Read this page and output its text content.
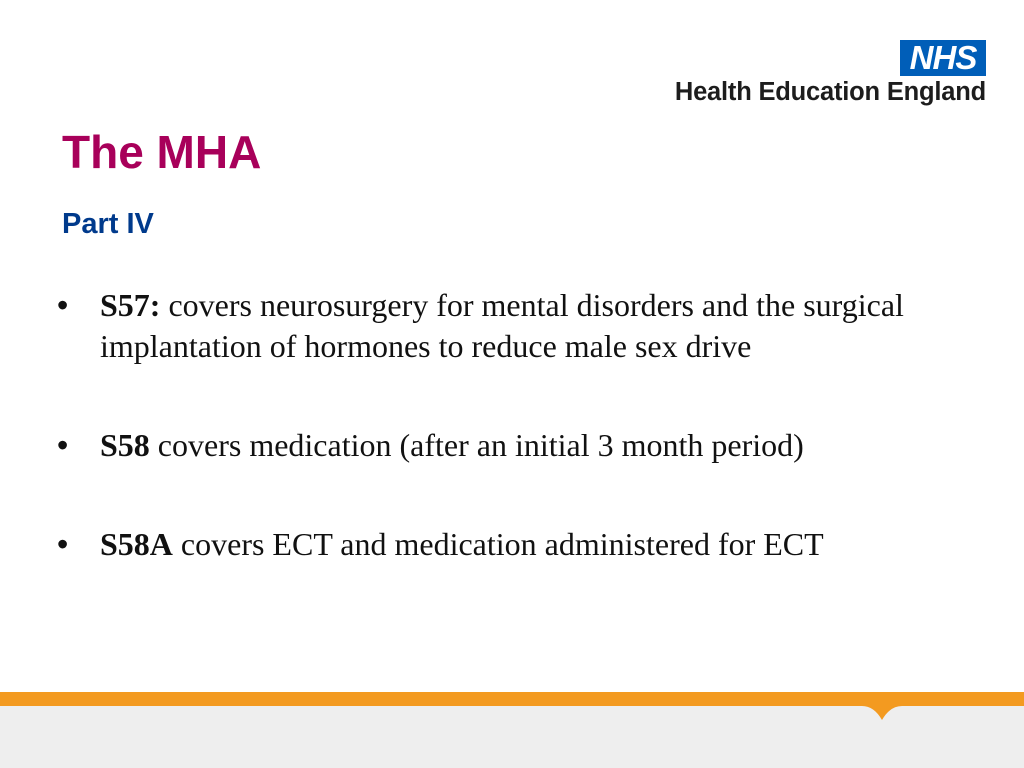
NHS
Health Education England
The MHA
Part IV
• S57: covers neurosurgery for mental disorders and the surgical implantation of hormones to reduce male sex drive
• S58 covers medication (after an initial 3 month period)
• S58A covers ECT and medication administered for ECT
